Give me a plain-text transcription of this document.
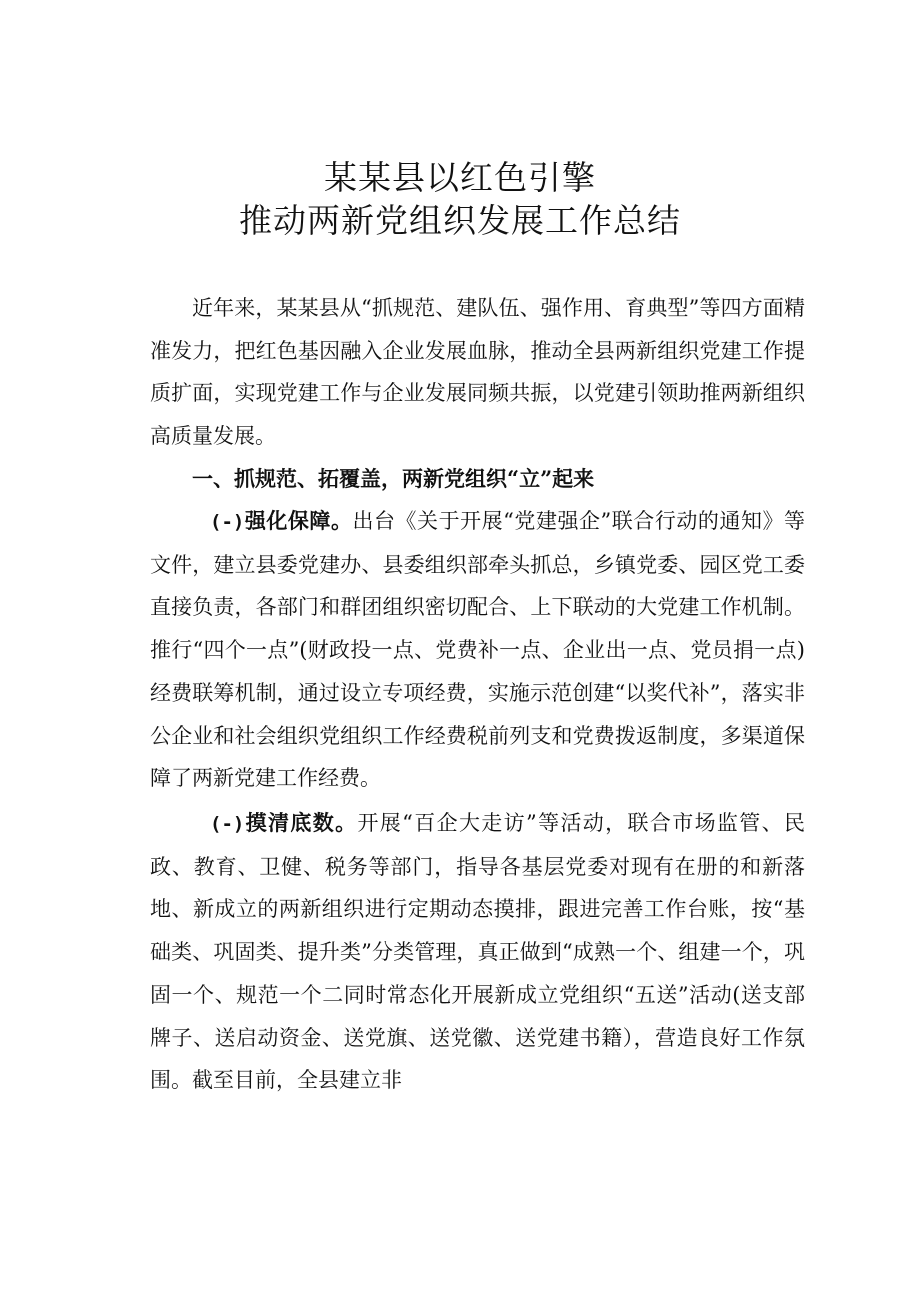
某某县以红色引擎
推动两新党组织发展工作总结

近年来，某某县从“抓规范、建队伍、强作用、育典型”等四方面精准发力，把红色基因融入企业发展血脉，推动全县两新组织党建工作提质扩面，实现党建工作与企业发展同频共振，以党建引领助推两新组织高质量发展。

一、抓规范、拓覆盖，两新党组织“立”起来

(-)强化保障。出台《关于开展“党建强企”联合行动的通知》等文件，建立县委党建办、县委组织部牵头抓总，乡镇党委、园区党工委直接负责，各部门和群团组织密切配合、上下联动的大党建工作机制。推行“四个一点”(财政投一点、党费补一点、企业出一点、党员捐一点)经费联筹机制，通过设立专项经费，实施示范创建“以奖代补”，落实非公企业和社会组织党组织工作经费税前列支和党费拨返制度，多渠道保障了两新党建工作经费。

(-)摸清底数。开展“百企大走访”等活动，联合市场监管、民政、教育、卫健、税务等部门，指导各基层党委对现有在册的和新落地、新成立的两新组织进行定期动态摸排，跟进完善工作台账，按“基础类、巩固类、提升类”分类管理，真正做到“成熟一个、组建一个，巩固一个、规范一个二同时常态化开展新成立党组织“五送”活动(送支部牌子、送启动资金、送党旗、送党徽、送党建书籍），营造良好工作氛围。截至目前，全县建立非
